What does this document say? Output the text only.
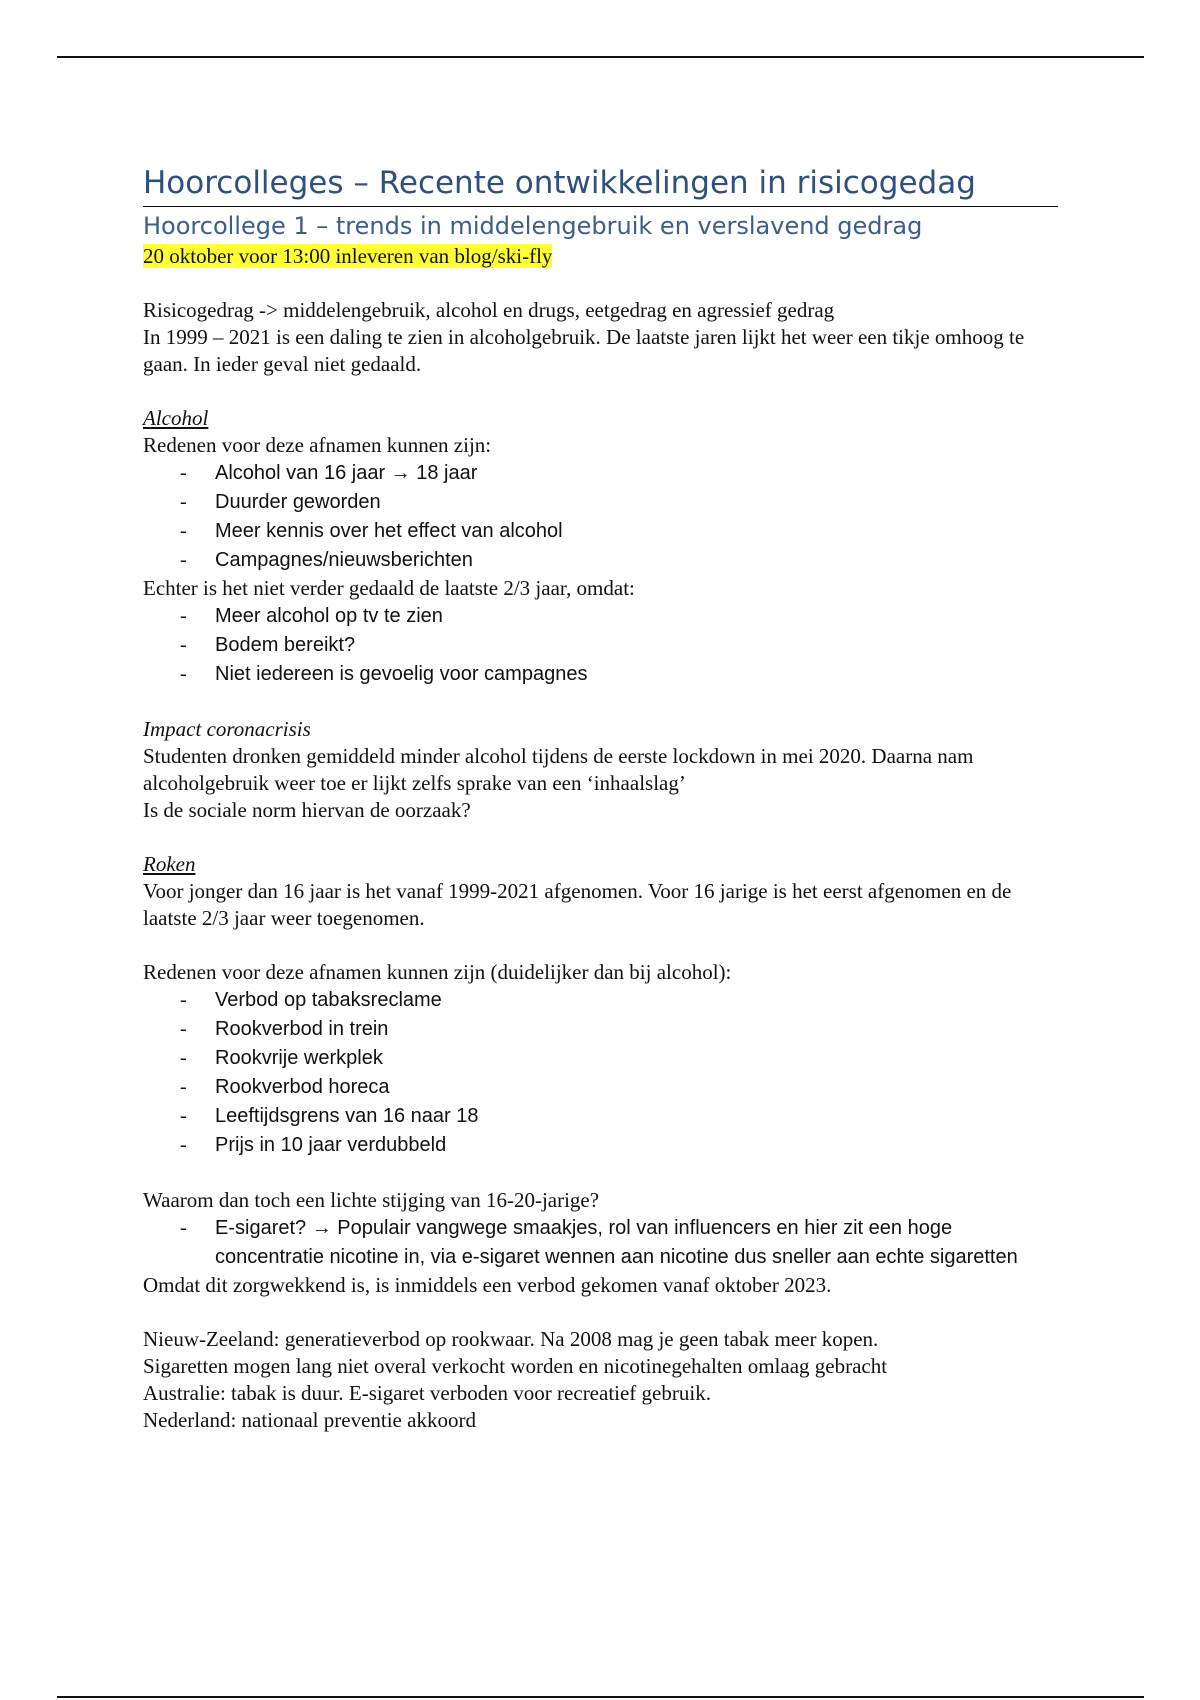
Hoorcolleges – Recente ontwikkelingen in risicogedag
Hoorcollege 1 – trends in middelengebruik en verslavend gedrag
20 oktober voor 13:00 inleveren van blog/ski-fly

Risicogedrag -> middelengebruik, alcohol en drugs, eetgedrag en agressief gedrag

In 1999 – 2021 is een daling te zien in alcoholgebruik. De laatste jaren lijkt het weer een tikje omhoog te gaan. In ieder geval niet gedaald.

Alcohol

Redenen voor deze afnamen kunnen zijn:

- Alcohol van 16 jaar → 18 jaar
- Duurder geworden
- Meer kennis over het effect van alcohol
- Campagnes/nieuwsberichten

Echter is het niet verder gedaald de laatste 2/3 jaar, omdat:

- Meer alcohol op tv te zien
- Bodem bereikt?
- Niet iedereen is gevoelig voor campagnes

Impact coronacrisis

Studenten dronken gemiddeld minder alcohol tijdens de eerste lockdown in mei 2020. Daarna nam alcoholgebruik weer toe er lijkt zelfs sprake van een ‘inhaalslag’

Is de sociale norm hiervan de oorzaak?

Roken

Voor jonger dan 16 jaar is het vanaf 1999-2021 afgenomen. Voor 16 jarige is het eerst afgenomen en de laatste 2/3 jaar weer toegenomen.

Redenen voor deze afnamen kunnen zijn (duidelijker dan bij alcohol):

- Verbod op tabaksreclame
- Rookverbod in trein
- Rookvrije werkplek
- Rookverbod horeca
- Leeftijdsgrens van 16 naar 18
- Prijs in 10 jaar verdubbeld

Waarom dan toch een lichte stijging van 16-20-jarige?

- E-sigaret? → Populair vangwege smaakjes, rol van influencers en hier zit een hoge concentratie nicotine in, via e-sigaret wennen aan nicotine dus sneller aan echte sigaretten

Omdat dit zorgwekkend is, is inmiddels een verbod gekomen vanaf oktober 2023.

Nieuw-Zeeland: generatieverbod op rookwaar. Na 2008 mag je geen tabak meer kopen.

Sigaretten mogen lang niet overal verkocht worden en nicotinegehalten omlaag gebracht

Australie: tabak is duur. E-sigaret verboden voor recreatief gebruik.

Nederland: nationaal preventie akkoord
